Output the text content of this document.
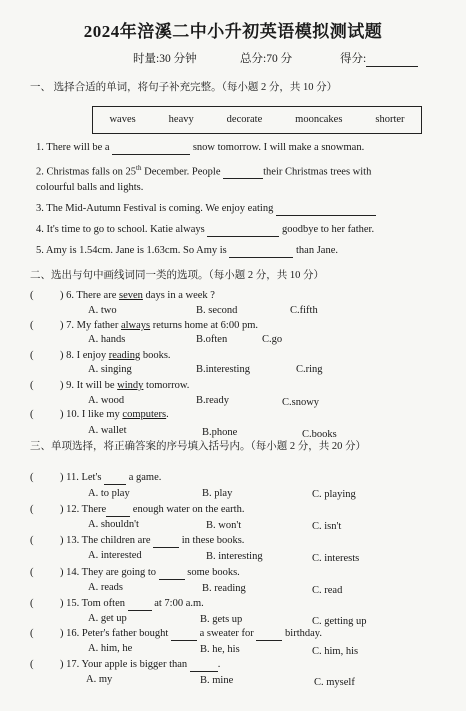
2024年涪溪二中小升初英语模拟测试题
时量:30 分钟	总分:70 分	得分:
一、 选择合适的单词，将句子补充完整。（每小题 2 分，共 10 分）
waves	heavy	decorate	mooncakes	shorter
1. There will be a	snow tomorrow. I will make a snowman.
2. Christmas falls on 25th December. People	their Christmas trees with
colourful balls and lights.
3. The Mid-Autumn Festival is coming. We enjoy eating
4. It's time to go to school. Katie always	goodbye to her father.
5. Amy is 1.54cm. Jane is 1.63cm. So Amy is	than Jane.
二、选出与句中画线词同一类的选项。（每小题 2 分，共 10 分）
(	) 6. There are seven days in a week ?
A. two	B. second	C.fifth
(	) 7. My father always returns home at 6:00 pm.
A. hands	B.often	C.go
(	) 8. I enjoy reading books.
A. singing	B.interesting	C.ring
(	) 9. It will be windy tomorrow.
A. wood	B.ready	C.snowy
(	) 10. I like my computers.
A. wallet	B.phone	C.books
三、单项选择，将正确答案的序号填入括号内。（每小题 2 分，共 20 分）
(	) 11. Let's	a game.
A. to play	B. play	C. playing
(	) 12. There	enough water on the earth.
A. shouldn't	B. won't	C. isn't
(	) 13. The children are	in these books.
A. interested	B. interesting	C. interests
(	) 14. They are going to	some books.
A. reads	B. reading	C. read
(	) 15. Tom often	at 7:00 a.m.
A. get up	B. gets up	C. getting up
(	) 16. Peter's father bought	a sweater for	birthday.
A. him, he	B. he, his	C. him, his
(	) 17. Your apple is bigger than	.
A. my	B. mine	C. myself
